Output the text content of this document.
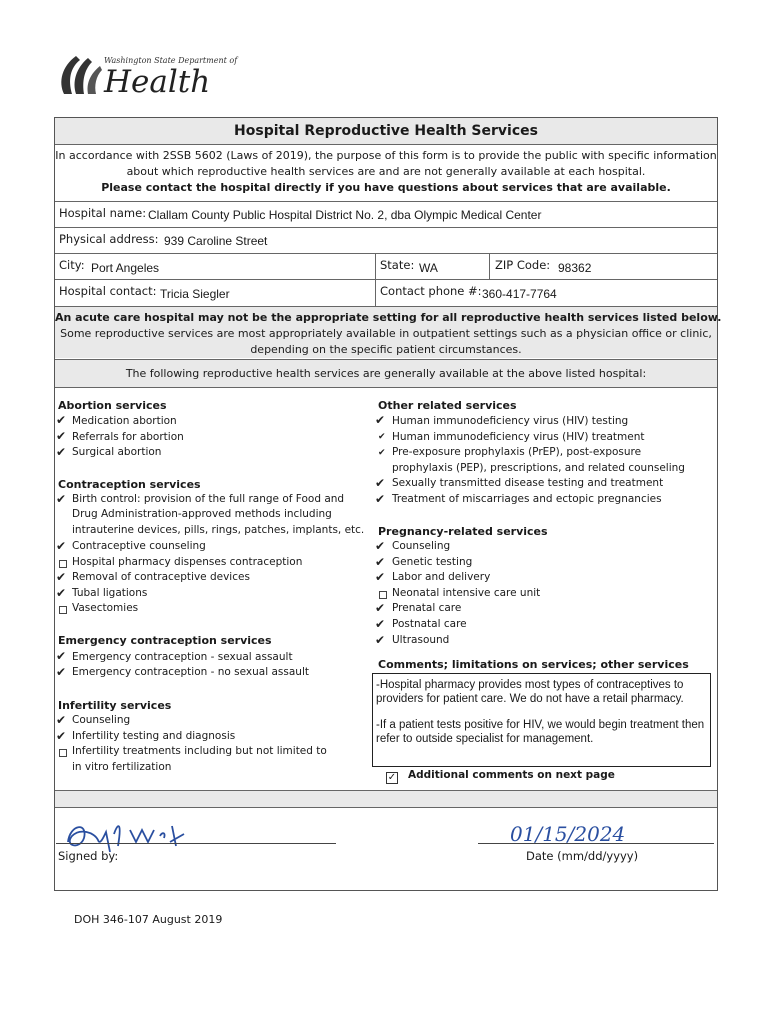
Washington State Department of
Health
Hospital Reproductive Health Services
In accordance with 2SSB 5602 (Laws of 2019), the purpose of this form is to provide the public with specific information
about which reproductive health services are and are not generally available at each hospital.
Please contact the hospital directly if you have questions about services that are available.
Hospital name: Clallam County Public Hospital District No. 2, dba Olympic Medical Center
Physical address: 939 Caroline Street
City: Port Angeles	State: WA	ZIP Code: 98362
Hospital contact: Tricia Siegler	Contact phone #: 360-417-7764
An acute care hospital may not be the appropriate setting for all reproductive health services listed below.
Some reproductive services are most appropriately available in outpatient settings such as a physician office or clinic,
depending on the specific patient circumstances.
The following reproductive health services are generally available at the above listed hospital:
Abortion services
✔ Medication abortion
✔ Referrals for abortion
✔ Surgical abortion
Contraception services
✔ Birth control: provision of the full range of Food and
Drug Administration-approved methods including
intrauterine devices, pills, rings, patches, implants, etc.
✔ Contraceptive counseling
Hospital pharmacy dispenses contraception
✔ Removal of contraceptive devices
✔ Tubal ligations
Vasectomies
Emergency contraception services
✔ Emergency contraception - sexual assault
✔ Emergency contraception - no sexual assault
Infertility services
✔ Counseling
✔ Infertility testing and diagnosis
Infertility treatments including but not limited to
in vitro fertilization
Other related services
✔ Human immunodeficiency virus (HIV) testing
✔ Human immunodeficiency virus (HIV) treatment
✔ Pre-exposure prophylaxis (PrEP), post-exposure
prophylaxis (PEP), prescriptions, and related counseling
✔ Sexually transmitted disease testing and treatment
✔ Treatment of miscarriages and ectopic pregnancies
Pregnancy-related services
✔ Counseling
✔ Genetic testing
✔ Labor and delivery
Neonatal intensive care unit
✔ Prenatal care
✔ Postnatal care
✔ Ultrasound
Comments; limitations on services; other services
-Hospital pharmacy provides most types of contraceptives to providers for patient care. We do not have a retail pharmacy.
-If a patient tests positive for HIV, we would begin treatment then refer to outside specialist for management.
✓ Additional comments on next page
Signed by:
01/15/2024
Date (mm/dd/yyyy)
DOH 346-107 August 2019
